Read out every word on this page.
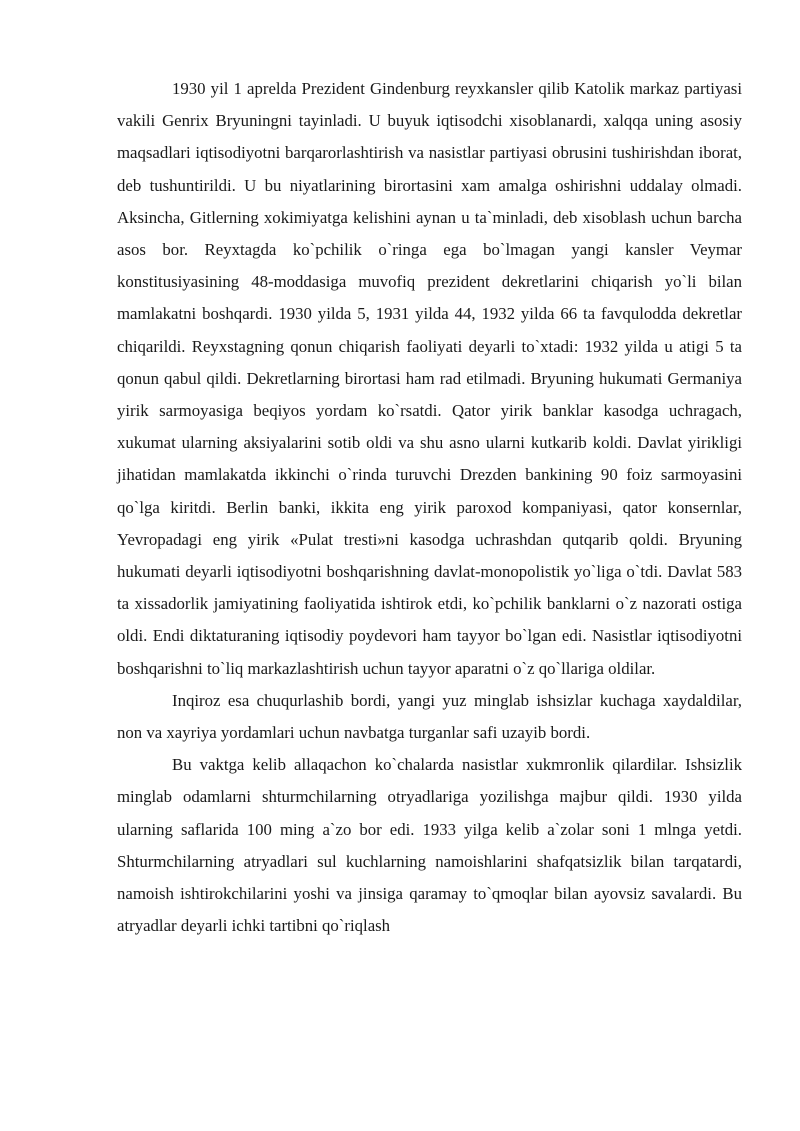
1930 yil 1 aprelda Prezident Gindenburg reyxkansler qilib Katolik markaz partiyasi vakili Genrix Bryuningni tayinladi. U buyuk iqtisodchi xisoblanardi, xalqqa uning asosiy maqsadlari iqtisodiyotni barqarorlashtirish va nasistlar partiyasi obrusini tushirishdan iborat, deb tushuntirildi. U bu niyatlarining birortasini xam amalga oshirishni uddalay olmadi. Aksincha, Gitlerning xokimiyatga kelishini aynan u ta`minladi, deb xisoblash uchun barcha asos bor. Reyxtagda ko`pchilik o`ringa ega bo`lmagan yangi kansler Veymar konstitusiyasining 48-moddasiga muvofiq prezident dekretlarini chiqarish yo`li bilan mamlakatni boshqardi. 1930 yilda 5, 1931 yilda 44, 1932 yilda 66 ta favqulodda dekretlar chiqarildi. Reyxstagning qonun chiqarish faoliyati deyarli to`xtadi: 1932 yilda u atigi 5 ta qonun qabul qildi. Dekretlarning birortasi ham rad etilmadi. Bryuning hukumati Germaniya yirik sarmoyasiga beqiyos yordam ko`rsatdi. Qator yirik banklar kasodga uchragach, xukumat ularning aksiyalarini sotib oldi va shu asno ularni kutkarib koldi. Davlat yirikligi jihatidan mamlakatda ikkinchi o`rinda turuvchi Drezden bankining 90 foiz sarmoyasini qo`lga kiritdi. Berlin banki, ikkita eng yirik paroxod kompaniyasi, qator konsernlar, Yevropadagi eng yirik «Pulat tresti»ni kasodga uchrashdan qutqarib qoldi. Bryuning hukumati deyarli iqtisodiyotni boshqarishning davlat-monopolistik yo`liga o`tdi. Davlat 583 ta xissadorlik jamiyatining faoliyatida ishtirok etdi, ko`pchilik banklarni o`z nazorati ostiga oldi. Endi diktaturaning iqtisodiy poydevori ham tayyor bo`lgan edi. Nasistlar iqtisodiyotni boshqarishni to`liq markazlashtirish uchun tayyor aparatni o`z qo`llariga oldilar.

Inqiroz esa chuqurlashib bordi, yangi yuz minglab ishsizlar kuchaga xaydaldilar, non va xayriya yordamlari uchun navbatga turganlar safi uzayib bordi.

Bu vaktga kelib allaqachon ko`chalarda nasistlar xukmronlik qilardilar. Ishsizlik minglab odamlarni shturmchilarning otryadlariga yozilishga majbur qildi. 1930 yilda ularning saflarida 100 ming a`zo bor edi. 1933 yilga kelib a`zolar soni 1 mlnga yetdi. Shturmchilarning atryadlari sul kuchlarning namoishlarini shafqatsizlik bilan tarqatardi, namoish ishtirokchilarini yoshi va jinsiga qaramay to`qmoqlar bilan ayovsiz savalardi. Bu atryadlar deyarli ichki tartibni qo`riqlash
